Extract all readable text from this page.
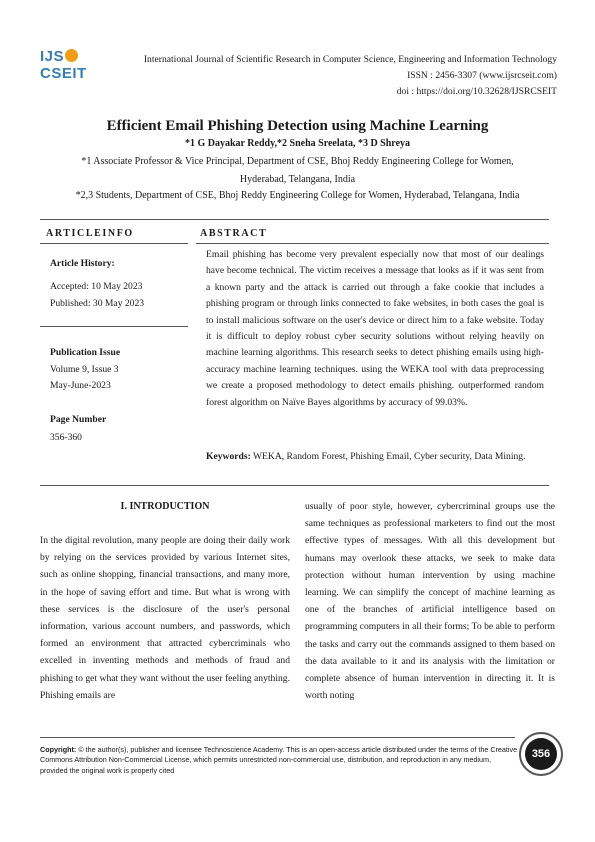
IJS
CSEIT
International Journal of Scientific Research in Computer Science, Engineering and Information Technology
ISSN : 2456-3307 (www.ijsrcseit.com)
doi : https://doi.org/10.32628/IJSRCSEIT
Efficient Email Phishing Detection using Machine Learning
*1 G Dayakar Reddy,*2 Sneha Sreelata, *3 D Shreya
*1 Associate Professor & Vice Principal, Department of CSE, Bhoj Reddy Engineering College for Women,
Hyderabad, Telangana, India
*2,3 Students, Department of CSE, Bhoj Reddy Engineering College for Women, Hyderabad, Telangana, India
ARTICLEINFO	ABSTRACT
Article History:
Accepted: 10 May 2023
Published: 30 May 2023
Publication Issue
Volume 9, Issue 3
May-June-2023
Page Number
356-360
Email phishing has become very prevalent especially now that most of our dealings have become technical. The victim receives a message that looks as if it was sent from a known party and the attack is carried out through a fake cookie that includes a phishing program or through links connected to fake websites, in both cases the goal is to install malicious software on the user's device or direct him to a fake website. Today it is difficult to deploy robust cyber security solutions without relying heavily on machine learning algorithms. This research seeks to detect phishing emails using high-accuracy machine learning techniques. using the WEKA tool with data preprocessing we create a proposed methodology to detect emails phishing. outperformed random forest algorithm on Naïve Bayes algorithms by accuracy of 99.03%.
Keywords: WEKA, Random Forest, Phishing Email, Cyber security, Data Mining.
I. INTRODUCTION
In the digital revolution, many people are doing their daily work by relying on the services provided by various Internet sites, such as online shopping, financial transactions, and many more, in the hope of saving effort and time. But what is wrong with these services is the disclosure of the user's personal information, various account numbers, and passwords, which formed an environment that attracted cybercriminals who excelled in inventing methods and methods of fraud and phishing to get what they want without the user feeling anything. Phishing emails are
usually of poor style, however, cybercriminal groups use the same techniques as professional marketers to find out the most effective types of messages. With all this development but humans may overlook these attacks, we seek to make data protection without human intervention by using machine learning. We can simplify the concept of machine learning as one of the branches of artificial intelligence based on programming computers in all their forms; To be able to perform the tasks and carry out the commands assigned to them based on the data available to it and its analysis with the limitation or complete absence of human intervention in directing it. It is worth noting
Copyright: © the author(s), publisher and licensee Technoscience Academy. This is an open-access article distributed under the terms of the Creative Commons Attribution Non-Commercial License, which permits unrestricted non-commercial use, distribution, and reproduction in any medium, provided the original work is properly cited
356
